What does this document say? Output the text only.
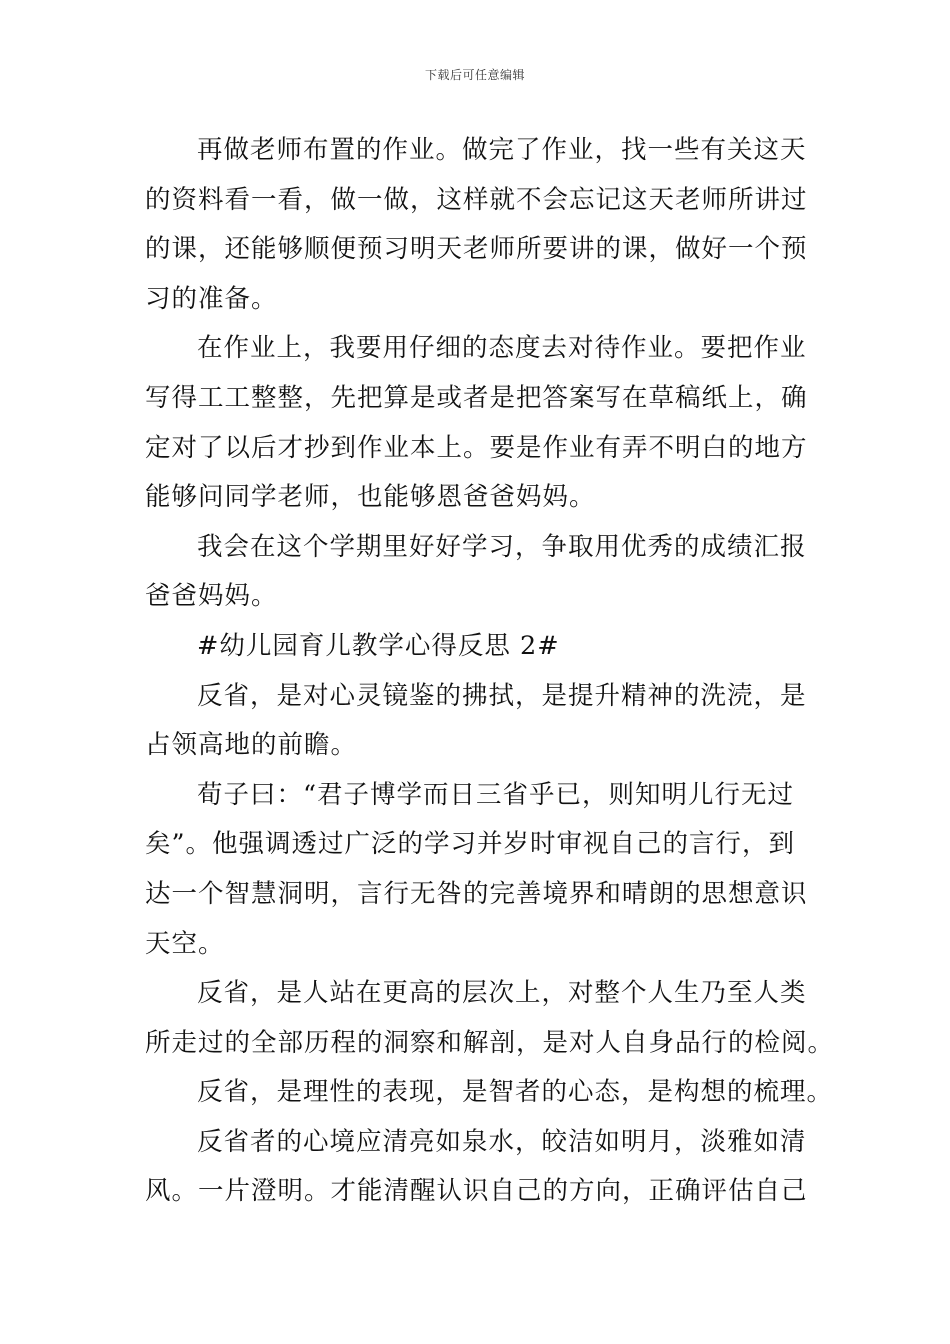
下载后可任意编辑
再做老师布置的作业。做完了作业，找一些有关这天
的资料看一看，做一做，这样就不会忘记这天老师所讲过
的课，还能够顺便预习明天老师所要讲的课，做好一个预
习的准备。
在作业上，我要用仔细的态度去对待作业。要把作业
写得工工整整，先把算是或者是把答案写在草稿纸上，确
定对了以后才抄到作业本上。要是作业有弄不明白的地方
能够问同学老师，也能够恩爸爸妈妈。
我会在这个学期里好好学习，争取用优秀的成绩汇报
爸爸妈妈。
#幼儿园育儿教学心得反思 2#
反省，是对心灵镜鉴的拂拭，是提升精神的洗涜，是
占领高地的前瞻。
荀子曰：“君子博学而日三省乎已，则知明儿行无过
矣”。他强调透过广泛的学习并岁时审视自己的言行，到
达一个智慧洞明，言行无咎的完善境界和晴朗的思想意识
天空。
反省，是人站在更高的层次上，对整个人生乃至人类
所走过的全部历程的洞察和解剖，是对人自身品行的检阅。
反省，是理性的表现，是智者的心态，是构想的梳理。
反省者的心境应清亮如泉水，皎洁如明月，淡雅如清
风。一片澄明。才能清醒认识自己的方向，正确评估自己
